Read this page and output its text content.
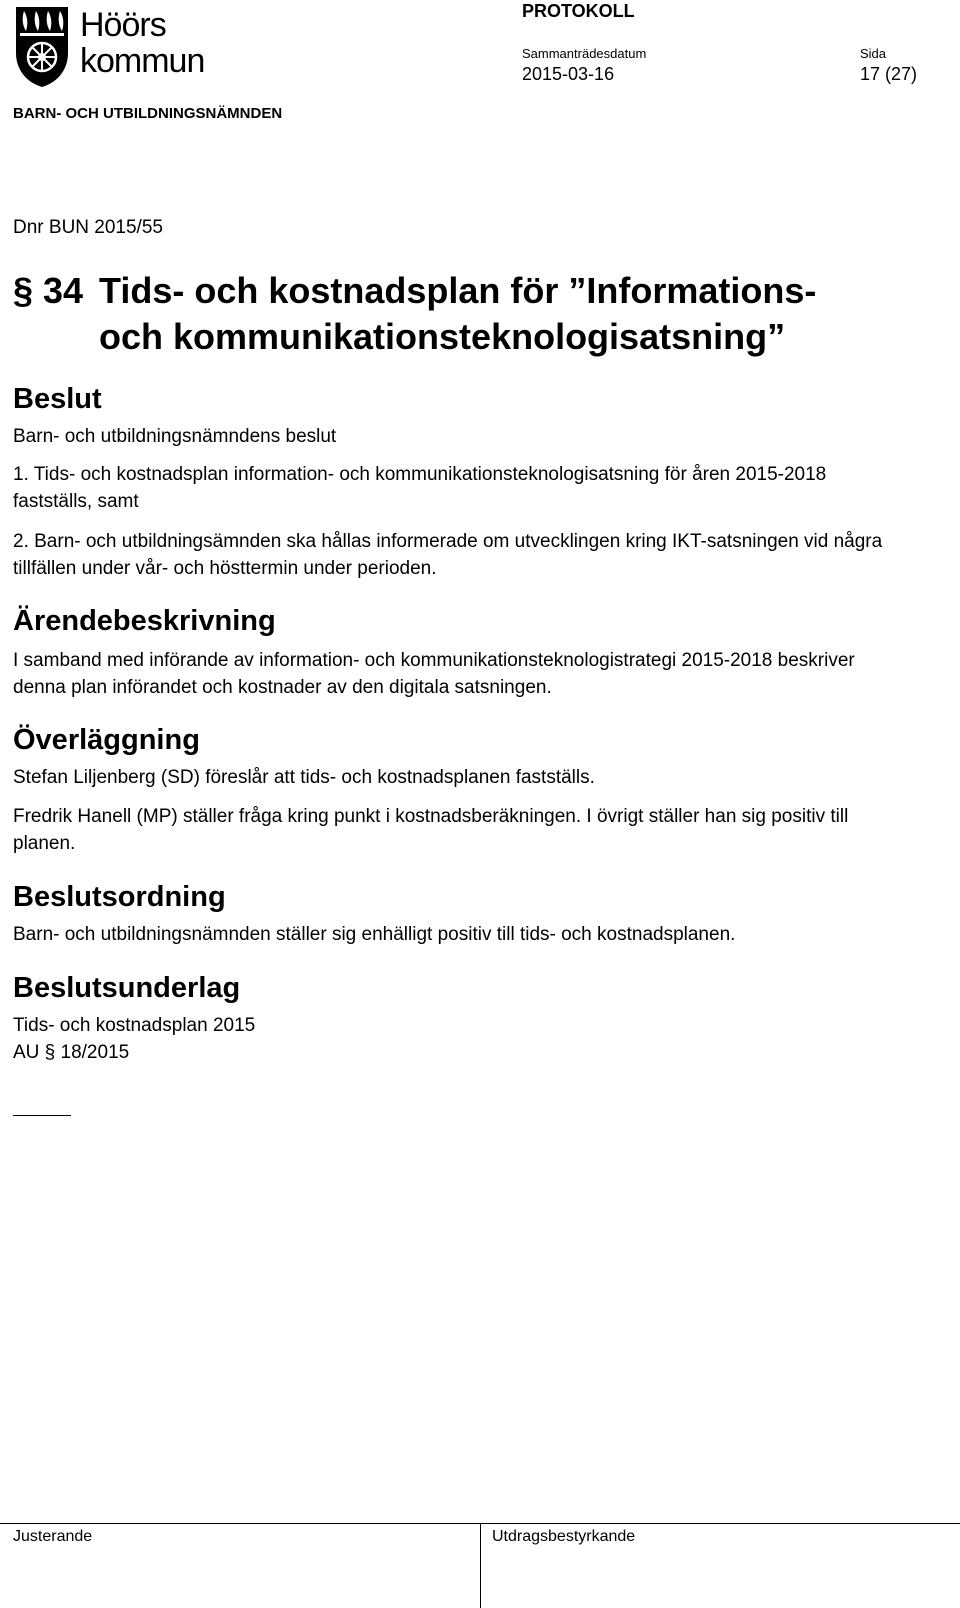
Höörs
kommun
PROTOKOLL
Sammanträdesdatum
2015-03-16
Sida
17 (27)
BARN- OCH UTBILDNINGSNÄMNDEN
Dnr BUN 2015/55
§ 34 Tids- och kostnadsplan för ”Informations-
och kommunikationsteknologisatsning”
Beslut
Barn- och utbildningsnämndens beslut
1. Tids- och kostnadsplan information- och kommunikationsteknologisatsning för åren 2015-2018 fastställs, samt
2. Barn- och utbildningsämnden ska hållas informerade om utvecklingen kring IKT-satsningen vid några tillfällen under vår- och hösttermin under perioden.
Ärendebeskrivning
I samband med införande av information- och kommunikationsteknologistrategi 2015-2018 beskriver denna plan införandet och kostnader av den digitala satsningen.
Överläggning
Stefan Liljenberg (SD) föreslår att tids- och kostnadsplanen fastställs.
Fredrik Hanell (MP) ställer fråga kring punkt i kostnadsberäkningen. I övrigt ställer han sig positiv till planen.
Beslutsordning
Barn- och utbildningsnämnden ställer sig enhälligt positiv till tids- och kostnadsplanen.
Beslutsunderlag
Tids- och kostnadsplan 2015
AU § 18/2015
Justerande	Utdragsbestyrkande
